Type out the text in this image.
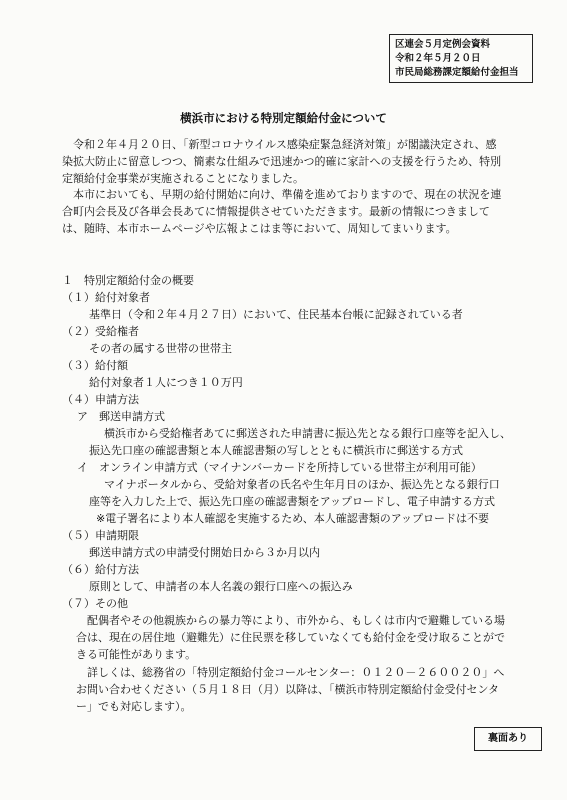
区連会５月定例会資料
令和２年５月２０日
市民局総務課定額給付金担当
横浜市における特別定額給付金について
令和２年４月２０日、「新型コロナウイルス感染症緊急経済対策」が閣議決定され、感染拡大防止に留意しつつ、簡素な仕組みで迅速かつ的確に家計への支援を行うため、特別定額給付金事業が実施されることになりました。
本市においても、早期の給付開始に向け、準備を進めておりますので、現在の状況を連合町内会長及び各単会長あてに情報提供させていただきます。最新の情報につきましては、随時、本市ホームページや広報よこはま等において、周知してまいります。
１　特別定額給付金の概要
（１）給付対象者
基準日（令和２年４月２７日）において、住民基本台帳に記録されている者
（２）受給権者
その者の属する世帯の世帯主
（３）給付額
給付対象者１人につき１０万円
（４）申請方法
ア　郵送申請方式
横浜市から受給権者あてに郵送された申請書に振込先となる銀行口座等を記入し、
振込先口座の確認書類と本人確認書類の写しとともに横浜市に郵送する方式
イ　オンライン申請方式（マイナンバーカードを所持している世帯主が利用可能）
マイナポータルから、受給対象者の氏名や生年月日のほか、振込先となる銀行口
座等を入力した上で、振込先口座の確認書類をアップロードし、電子申請する方式
※電子署名により本人確認を実施するため、本人確認書類のアップロードは不要
（５）申請期限
郵送申請方式の申請受付開始日から３か月以内
（６）給付方法
原則として、申請者の本人名義の銀行口座への振込み
（７）その他
配偶者やその他親族からの暴力等により、市外から、もしくは市内で避難している場合は、現在の居住地（避難先）に住民票を移していなくても給付金を受け取ることができる可能性があります。
詳しくは、総務省の「特別定額給付金コールセンター：０１２０－２６００２０」へお問い合わせください（５月１８日（月）以降は、「横浜市特別定額給付金受付センター」でも対応します）。
裏面あり
